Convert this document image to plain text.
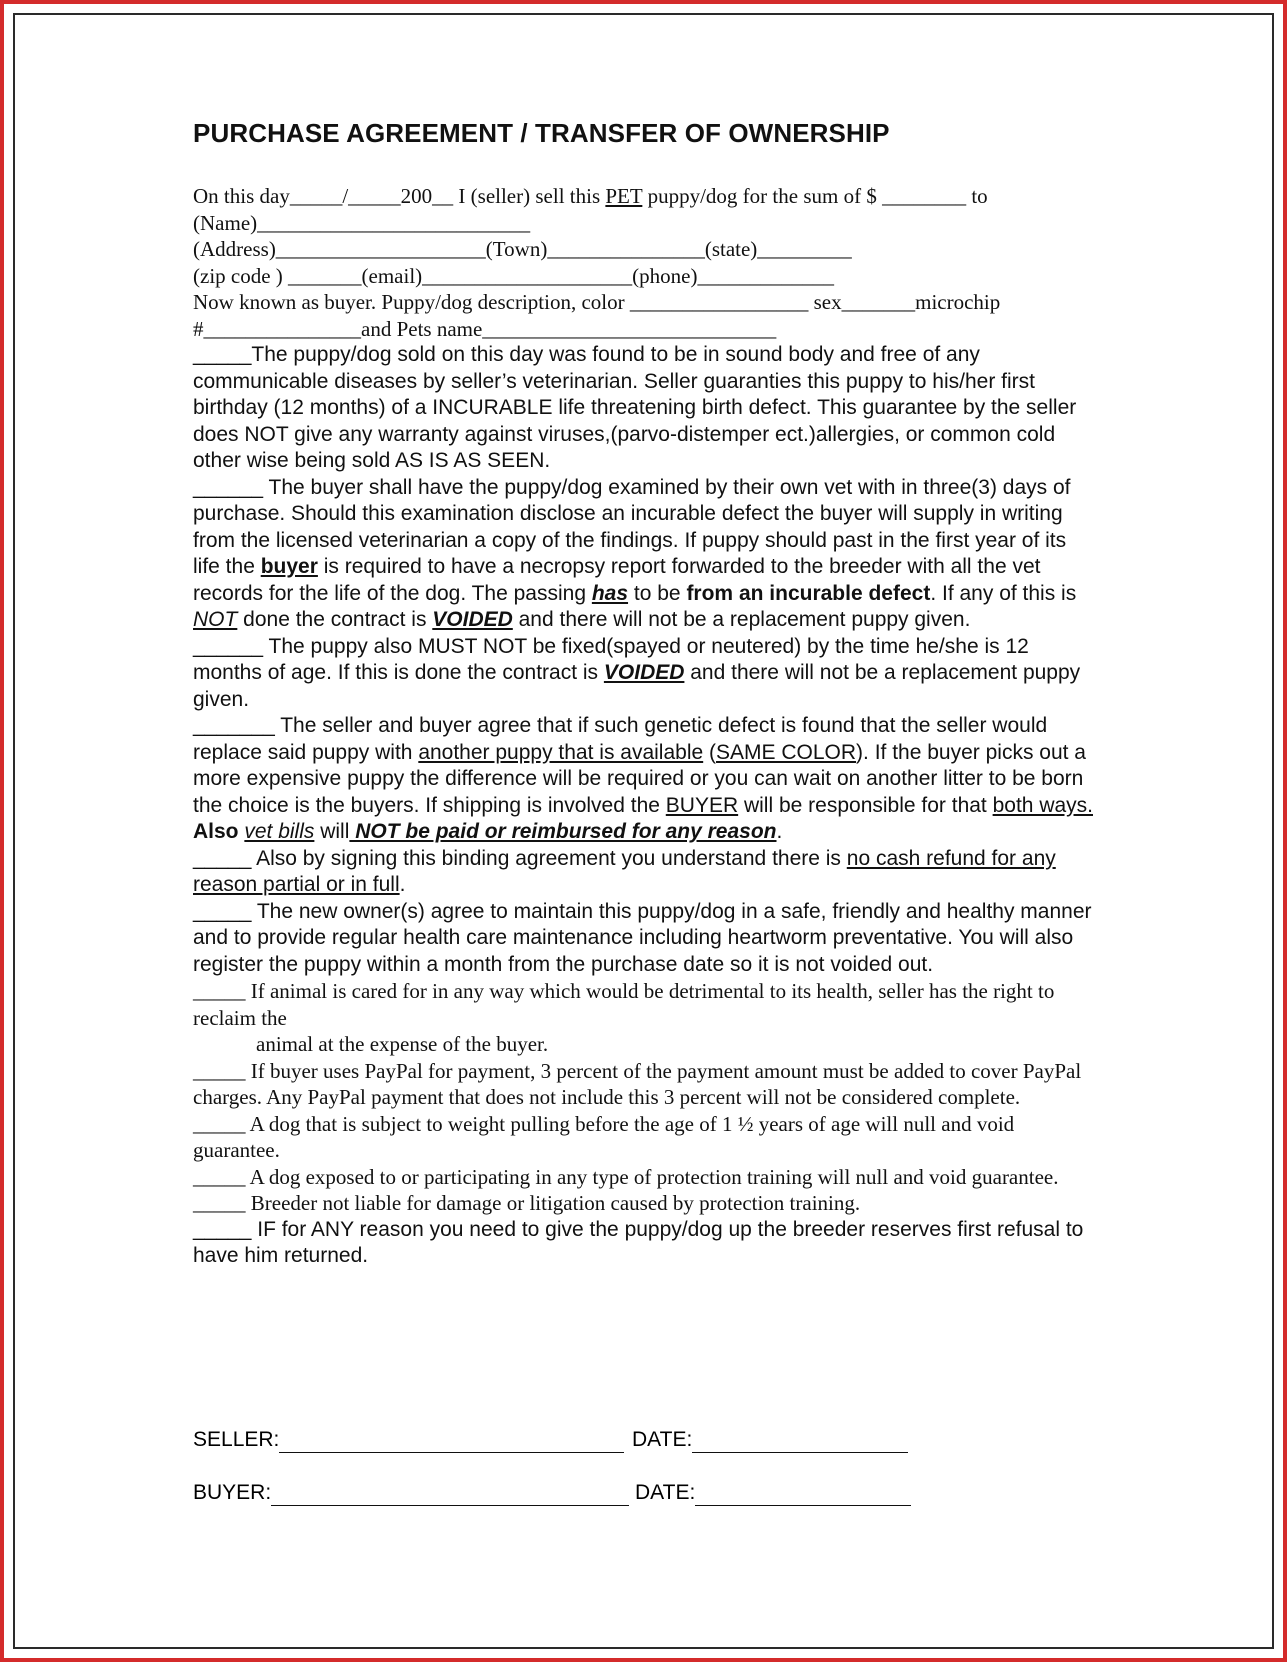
PURCHASE AGREEMENT / TRANSFER OF OWNERSHIP

On this day_____/_____200__ I (seller) sell this PET puppy/dog for the sum of $ ________ to

(Name)__________________________

(Address)____________________(Town)_______________(state)_________

(zip code ) _______(email)____________________(phone)_____________

Now known as buyer. Puppy/dog description, color _________________ sex_______microchip

#_______________and Pets name____________________________

_____The puppy/dog sold on this day was found to be in sound body and free of any communicable diseases by seller’s veterinarian. Seller guaranties this puppy to his/her first birthday (12 months) of a INCURABLE life threatening birth defect. This guarantee by the seller does NOT give any warranty against viruses,(parvo-distemper ect.)allergies, or common cold other wise being sold AS IS AS SEEN.

______ The buyer shall have the puppy/dog examined by their own vet with in three(3) days of purchase. Should this examination disclose an incurable defect the buyer will supply in writing from the licensed veterinarian a copy of the findings. If puppy should past in the first year of its life the buyer is required to have a necropsy report forwarded to the breeder with all the vet records for the life of the dog. The passing has to be from an incurable defect. If any of this is NOT done the contract is VOIDED and there will not be a replacement puppy given.

______ The puppy also MUST NOT be fixed(spayed or neutered) by the time he/she is 12 months of age. If this is done the contract is VOIDED and there will not be a replacement puppy given.

_______ The seller and buyer agree that if such genetic defect is found that the seller would replace said puppy with another puppy that is available (SAME COLOR). If the buyer picks out a more expensive puppy the difference will be required or you can wait on another litter to be born the choice is the buyers. If shipping is involved the BUYER will be responsible for that both ways. Also vet bills will NOT be paid or reimbursed for any reason.

_____ Also by signing this binding agreement you understand there is no cash refund for any reason partial or in full.

_____ The new owner(s) agree to maintain this puppy/dog in a safe, friendly and healthy manner and to provide regular health care maintenance including heartworm preventative. You will also register the puppy within a month from the purchase date so it is not voided out.

_____ If animal is cared for in any way which would be detrimental to its health, seller has the right to reclaim the

animal at the expense of the buyer.

_____ If buyer uses PayPal for payment, 3 percent of the payment amount must be added to cover PayPal charges. Any PayPal payment that does not include this 3 percent will not be considered complete.

_____ A dog that is subject to weight pulling before the age of 1 ½ years of age will null and void guarantee.

_____ A dog exposed to or participating in any type of protection training will null and void guarantee.

_____ Breeder not liable for damage or litigation caused by protection training.

_____ IF for ANY reason you need to give the puppy/dog up the breeder reserves first refusal to have him returned.

SELLER:	DATE:
BUYER:	DATE:
